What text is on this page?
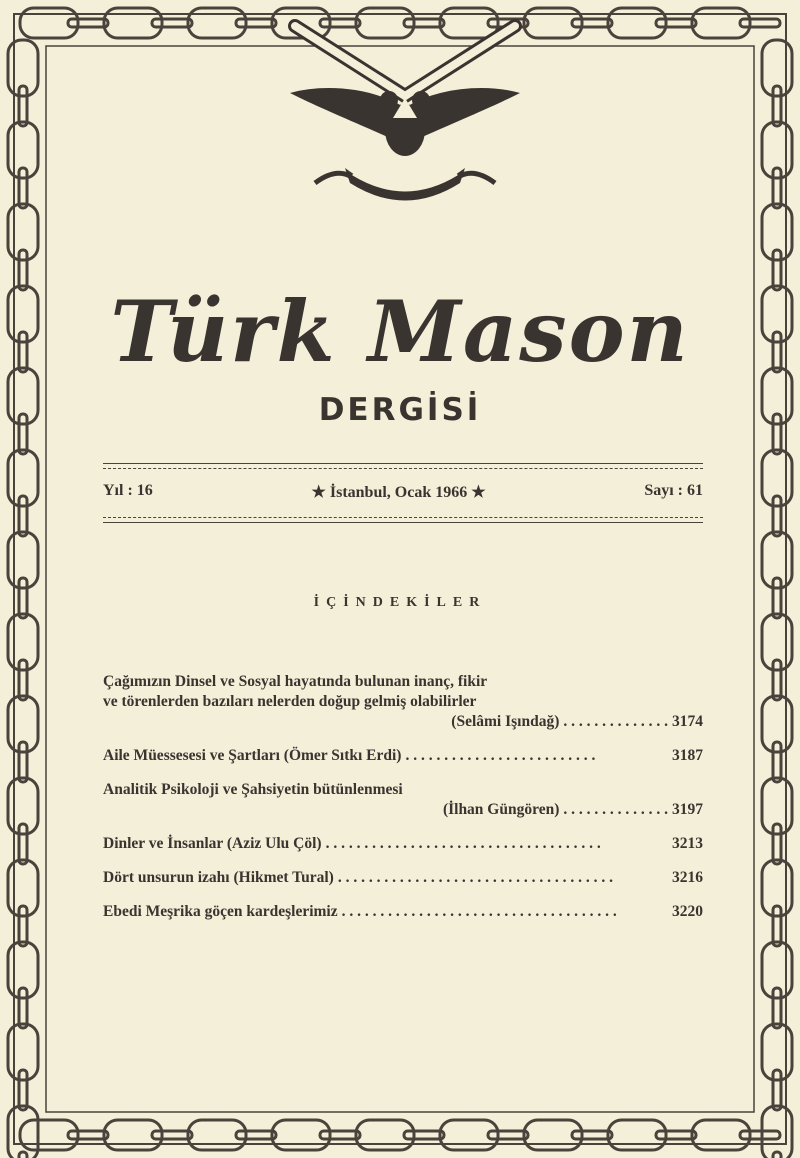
Türk Mason
DERGİSİ
Yıl : 16	★ İstanbul, Ocak 1966 ★	Sayı : 61
İÇİNDEKİLER
Çağımızın Dinsel ve Sosyal hayatında bulunan inanç, fikir
ve törenlerden bazıları nelerden doğup gelmiş olabilirler
(Selâmi Işındağ) . . . . . . . . . . . . . . 3174
Aile Müessesesi ve Şartları (Ömer Sıtkı Erdi) . . . . . . . . . . . . . . . . . . . . . . . . .	3187
Analitik Psikoloji ve Şahsiyetin bütünlenmesi
(İlhan Güngören) . . . . . . . . . . . . . . 3197
Dinler ve İnsanlar (Aziz Ulu Çöl) . . . . . . . . . . . . . . . . . . . . . . . . . . . . . . . . . . . .	3213
Dört unsurun izahı (Hikmet Tural) . . . . . . . . . . . . . . . . . . . . . . . . . . . . . . . . . . . .	3216
Ebedi Meşrika göçen kardeşlerimiz . . . . . . . . . . . . . . . . . . . . . . . . . . . . . . . . . . . .	3220
